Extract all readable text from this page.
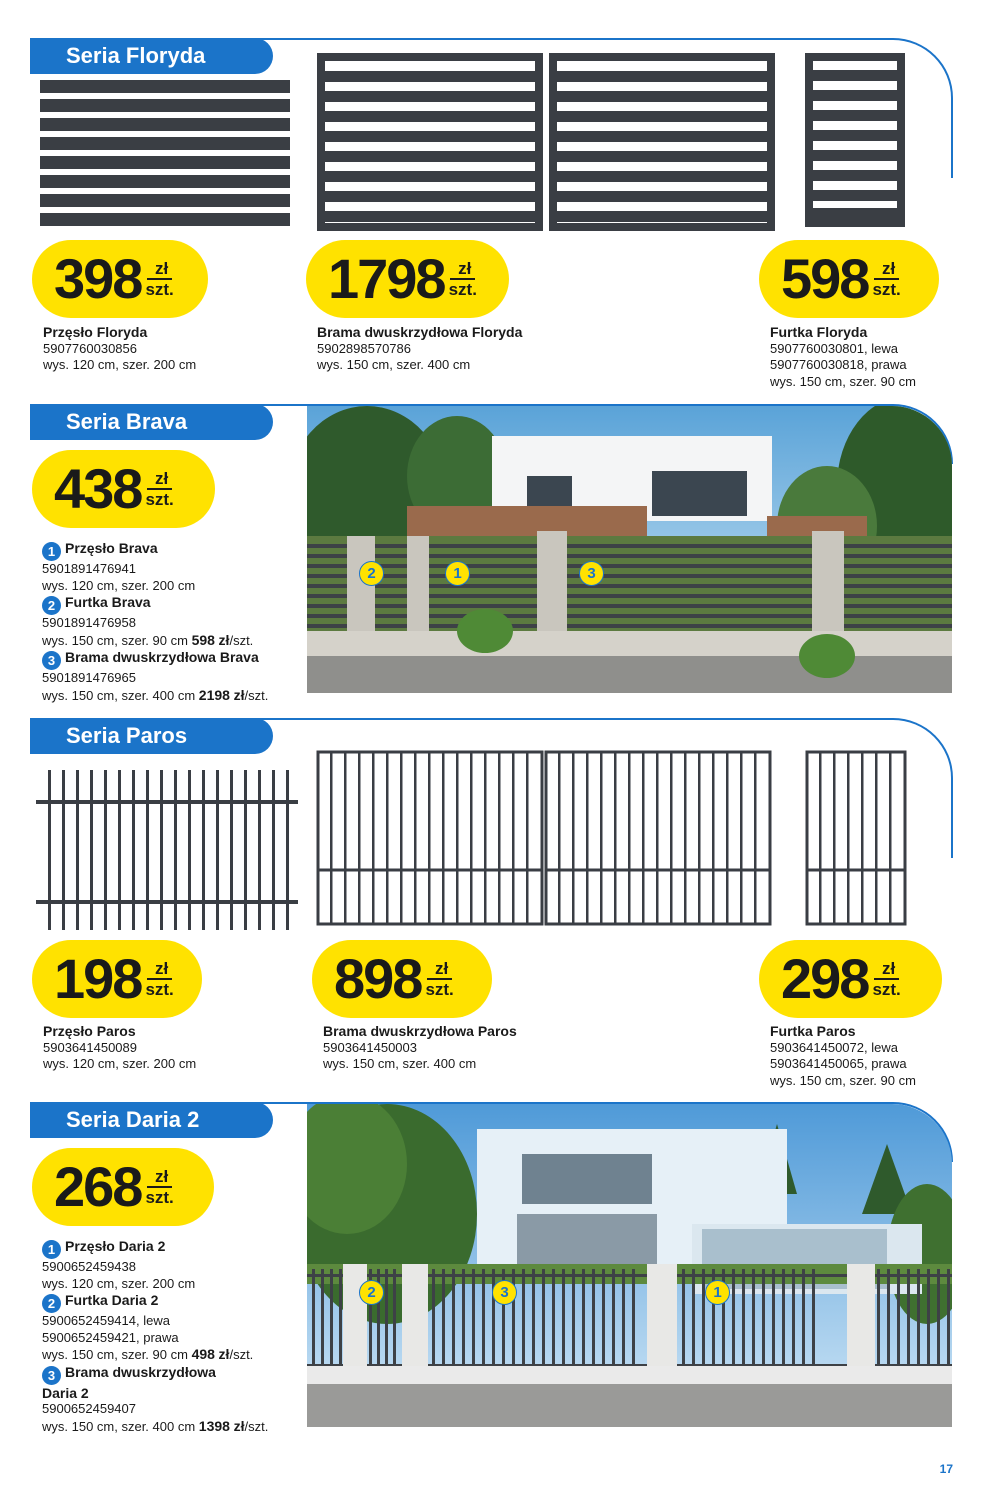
Seria Floryda
398 zł
szt.	1798 zł
szt.	598 zł
szt.
Przęsło Floryda
5907760030856
wys. 120 cm, szer. 200 cm
Brama dwuskrzydłowa Floryda
5902898570786
wys. 150 cm, szer. 400 cm
Furtka Floryda
5907760030801, lewa
5907760030818, prawa
wys. 150 cm, szer. 90 cm
Seria Brava
438 zł
szt.
1 Przęsło Brava
5901891476941
wys. 120 cm, szer. 200 cm
2 Furtka Brava
5901891476958
wys. 150 cm, szer. 90 cm 598 zł/szt.
3 Brama dwuskrzydłowa Brava
5901891476965
wys. 150 cm, szer. 400 cm 2198 zł/szt.
2	1	3
Seria Paros
198 zł
szt.	898 zł
szt.	298 zł
szt.
Przęsło Paros
5903641450089
wys. 120 cm, szer. 200 cm
Brama dwuskrzydłowa Paros
5903641450003
wys. 150 cm, szer. 400 cm
Furtka Paros
5903641450072, lewa
5903641450065, prawa
wys. 150 cm, szer. 90 cm
Seria Daria 2
268 zł
szt.
1 Przęsło Daria 2
5900652459438
wys. 120 cm, szer. 200 cm
2 Furtka Daria 2
5900652459414, lewa
5900652459421, prawa
wys. 150 cm, szer. 90 cm 498 zł/szt.
3 Brama dwuskrzydłowa
Daria 2
5900652459407
wys. 150 cm, szer. 400 cm 1398 zł/szt.
2	3	1
17
